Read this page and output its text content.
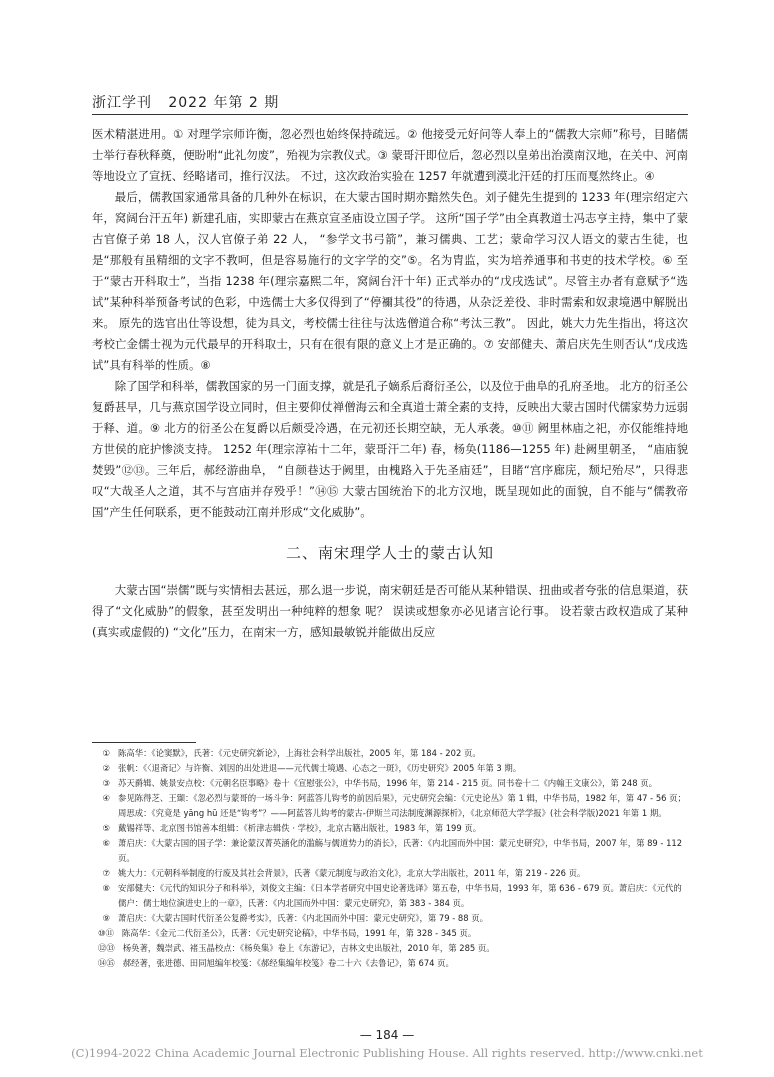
浙江学刊 2022 年第 2 期

医术精湛进用。① 对理学宗师许衡，忽必烈也始终保持疏远。② 他接受元好问等人奉上的“儒教大宗师”称号，目睹儒士举行春秋释奠，便盼咐“此礼勿废”，殆视为宗教仪式。③ 蒙哥汗即位后，忽必烈以皇弟出治漠南汉地，在关中、河南等地设立了宣抚、经略诸司，推行汉法。 不过，这次政治实验在 1257 年就遭到漠北汗廷的打压而戛然终止。④

最后，儒教国家通常具备的几种外在标识，在大蒙古国时期亦黯然失色。刘子健先生提到的 1233 年(理宗绍定六年，窝阔台汗五年) 新建孔庙，实即蒙古在燕京宣圣庙设立国子学。 这所“国子学”由全真教道士冯志亨主持，集中了蒙古官僚子弟 18 人，汉人官僚子弟 22 人， “参学文书弓箭”，兼习儒典、工艺；蒙命学习汉人语文的蒙古生徒，也是“那般有虽精细的文字不教呵，但是容易施行的文字学的交”⑤。名为胄监，实为培养通事和书吏的技术学校。⑥ 至于“蒙古开科取士”，当指 1238 年(理宗嘉熙二年，窝阔台汗十年) 正式举办的“戊戌选试”。尽管主办者有意赋予“选试”某种科举预备考试的色彩，中选儒士大多仅得到了“停禰其役”的待遇，从杂泛差役、非时需索和奴隶境遇中解脱出来。 原先的选官出仕等设想，徒为具文，考校儒士往往与汰选僧道合称“考汰三教”。 因此，姚大力先生指出，将这次考校亡金儒士视为元代最早的开科取士，只有在很有限的意义上才是正确的。⑦ 安部健夫、萧启庆先生则否认“戊戌选试”具有科举的性质。⑧

除了国学和科举，儒教国家的另一门面支撑，就是孔子嫡系后裔衍圣公，以及位于曲阜的孔府圣地。 北方的衍圣公复爵甚早，几与燕京国学设立同时，但主要仰仗禅僧海云和全真道士萧全素的支持，反映出大蒙古国时代儒家势力远弱于释、道。⑨ 北方的衍圣公在复爵以后颇受冷遇，在元初还长期空缺，无人承袭。⑩⑪ 阙里林庙之祀，亦仅能维持地方世侯的庇护惨淡支持。 1252 年(理宗淳祐十二年，蒙哥汗二年) 春，杨奂(1186—1255 年) 赴阙里朝圣， “庙庙貌焚毁”⑫⑬。三年后，郝经游曲阜， “自颜巷达于阙里，由槐路入于先圣庙廷”，目睹“宫序廊庑，颓圮殆尽”，只得悲叹“大哉圣人之道，其不与宫庙并存殁乎！”⑭⑮ 大蒙古国统治下的北方汉地，既呈现如此的面貌，自不能与“儒教帝国”产生任何联系，更不能鼓动江南并形成“文化威胁”。

二、南宋理学人士的蒙古认知

大蒙古国“崇儒”既与实情相去甚远，那么退一步说，南宋朝廷是否可能从某种错误、扭曲或者夸张的信息渠道，获得了“文化威胁”的假象，甚至发明出一种纯粹的想象 呢？ 误读或想象亦必见诸言论行事。 设若蒙古政权造成了某种(真实或虚假的) “文化”压力，在南宋一方，感知最敏锐并能做出反应

① 陈高华：《论窦默》，氏著：《元史研究新论》，上海社会科学出版社，2005 年，第 184 - 202 页。
② 张帆：《〈退斋记〉与许衡、刘因的出处进退——元代儒士境遇、心态之一斑》，《历史研究》2005 年第 3 期。
③ 苏天爵辑、姚景安点校：《元朝名臣事略》卷十《宣慰张公》，中华书局，1996 年，第 214 - 215 页。同书卷十二《内翰王文康公》，第 248 页。
④ 参见陈得芝、王颋：《忽必烈与蒙哥的一场斗争：阿蓝答儿钩考的前因后果》，元史研究会编：《元史论丛》第 1 辑，中华书局，1982 年，第 47 - 56 页；周思成：《究竟是 yāng hū 还是“钩考”？——阿蓝答儿钩考的蒙古-伊斯兰司法制度渊源探析》，《北京师范大学学报》(社会科学版)2021 年第 1 期。
⑤ 戴锡祥等、北京图书馆善本组辑：《析津志辑佚 · 学校》，北京古籍出版社，1983 年，第 199 页。
⑥ 萧启庆：《大蒙古国的国子学：兼论蒙汉菁英涵化的滥觞与儒道势力的消长》，氏著：《内北国而外中国：蒙元史研究》，中华书局，2007 年，第 89 - 112 页。
⑦ 姚大力：《元朝科举制度的行废及其社会背景》，氏著《蒙元制度与政治文化》，北京大学出版社，2011 年，第 219 - 226 页。
⑧ 安部健夫：《元代的知识分子和科举》，刘俊文主编：《日本学者研究中国史论著选译》第五卷，中华书局，1993 年，第 636 - 679 页。萧启庆：《元代的儒户：儒士地位演进史上的一章》，氏著：《内北国而外中国：蒙元史研究》，第 383 - 384 页。
⑨ 萧启庆：《大蒙古国时代衍圣公复爵考实》，氏著：《内北国而外中国：蒙元史研究》，第 79 - 88 页。
⑩⑪ 陈高华：《金元二代衍圣公》，氏著：《元史研究论稿》，中华书局，1991 年，第 328 - 345 页。
⑫⑬ 杨奂著，魏崇武、褚玉晶校点：《杨奂集》卷上《东游记》，吉林文史出版社，2010 年，第 285 页。
⑭⑮ 郝经著，张进德、田同旭编年校笺：《郝经集编年校笺》卷二十六《去鲁记》，第 674 页。
— 184 —
(C)1994-2022 China Academic Journal Electronic Publishing House. All rights reserved. http://www.cnki.net
